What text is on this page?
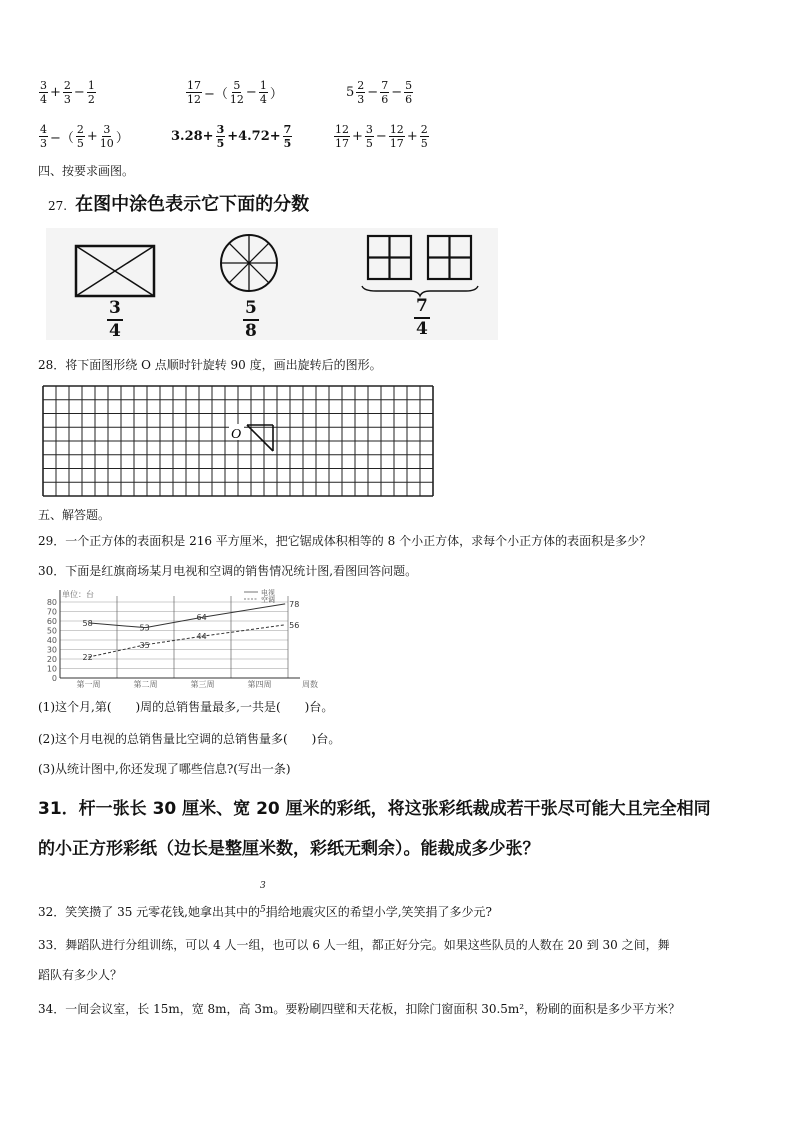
$\frac{3}{4} + \frac{2}{3} - \frac{1}{2}$	$\frac{17}{12}$ −（ $\frac{5}{12} - \frac{1}{4}$ ）	$5 \frac{2}{3} - \frac{7}{6} - \frac{5}{6}$
$\frac{4}{3}$ −（ $\frac{2}{5} + \frac{3}{10}$ ）	$3.28+ \frac{3}{5} +4.72+ \frac{7}{5}$	$\frac{12}{17} + \frac{3}{5} - \frac{12}{17} + \frac{2}{5}$
四、按要求画图。
27. 在图中涂色表示它下面的分数
3
4
5
8
7
4
28．将下面图形绕 O 点顺时针旋转 90 度，画出旋转后的图形。
O
五、解答题。
29．一个正方体的表面积是 216 平方厘米，把它锯成体积相等的 8 个小正方体，求每个小正方体的表面积是多少？
30．下面是红旗商场某月电视和空调的销售情况统计图,看图回答问题。
0
10
20
30
40
50
60
70
80
单位：台
第一周	第二周	第三周	第四周	周数
58
53
64
78
电视
22
35
44
56
空调
(1)这个月,第(　　)周的总销售量最多,一共是(　　)台。
(2)这个月电视的总销售量比空调的总销售量多(　　)台。
(3)从统计图中,你还发现了哪些信息?(写出一条)
31．杆一张长 30 厘米、宽 20 厘米的彩纸，将这张彩纸裁成若干张尽可能大且完全相同
的小正方形彩纸（边长是整厘米数，彩纸无剩余）。能裁成多少张？
32．笑笑攒了 35 元零花钱,她拿出其中的
3
5 捐给地震灾区的希望小学,笑笑捐了多少元?
33．舞蹈队进行分组训练，可以 4 人一组，也可以 6 人一组，都正好分完。如果这些队员的人数在 20 到 30 之间，舞
蹈队有多少人？
34．一间会议室，长 15m，宽 8m，高 3m。要粉刷四壁和天花板，扣除门窗面积 30.5m²，粉刷的面积是多少平方米？
